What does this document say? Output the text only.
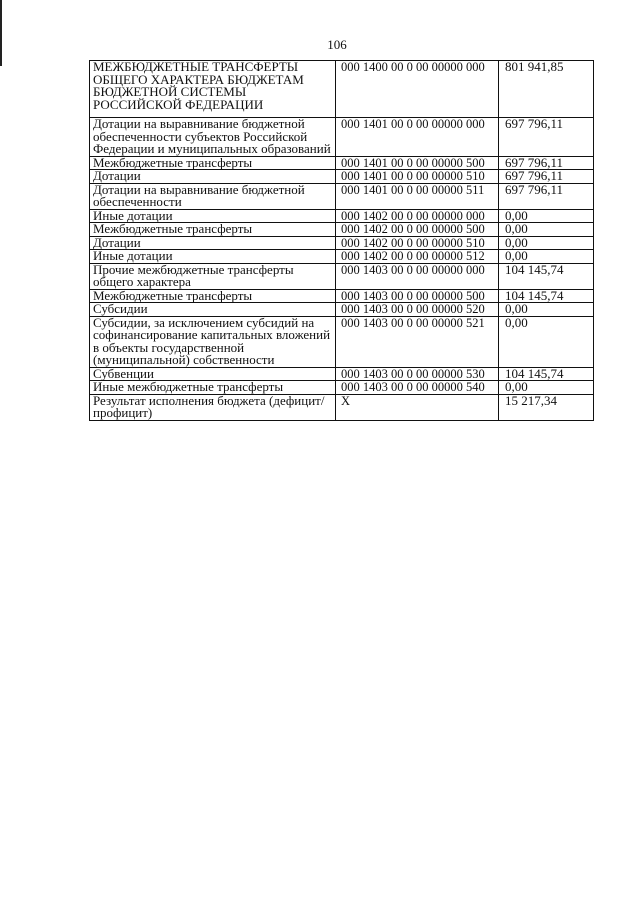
106
МЕЖБЮДЖЕТНЫЕ ТРАНСФЕРТЫ
ОБЩЕГО ХАРАКТЕРА БЮДЖЕТАМ
БЮДЖЕТНОЙ СИСТЕМЫ
РОССИЙСКОЙ ФЕДЕРАЦИИ	000 1400 00 0 00 00000 000	801 941,85
Дотации на выравнивание бюджетной обеспеченности субъектов Российской Федерации и муниципальных образований	000 1401 00 0 00 00000 000	697 796,11
Межбюджетные трансферты	000 1401 00 0 00 00000 500	697 796,11
Дотации	000 1401 00 0 00 00000 510	697 796,11
Дотации на выравнивание бюджетной обеспеченности	000 1401 00 0 00 00000 511	697 796,11
Иные дотации	000 1402 00 0 00 00000 000	0,00
Межбюджетные трансферты	000 1402 00 0 00 00000 500	0,00
Дотации	000 1402 00 0 00 00000 510	0,00
Иные дотации	000 1402 00 0 00 00000 512	0,00
Прочие межбюджетные трансферты общего характера	000 1403 00 0 00 00000 000	104 145,74
Межбюджетные трансферты	000 1403 00 0 00 00000 500	104 145,74
Субсидии	000 1403 00 0 00 00000 520	0,00
Субсидии, за исключением субсидий на софинансирование капитальных вложений в объекты государственной (муниципальной) собственности	000 1403 00 0 00 00000 521	0,00
Субвенции	000 1403 00 0 00 00000 530	104 145,74
Иные межбюджетные трансферты	000 1403 00 0 00 00000 540	0,00
Результат исполнения бюджета (дефицит/профицит)	X	15 217,34
